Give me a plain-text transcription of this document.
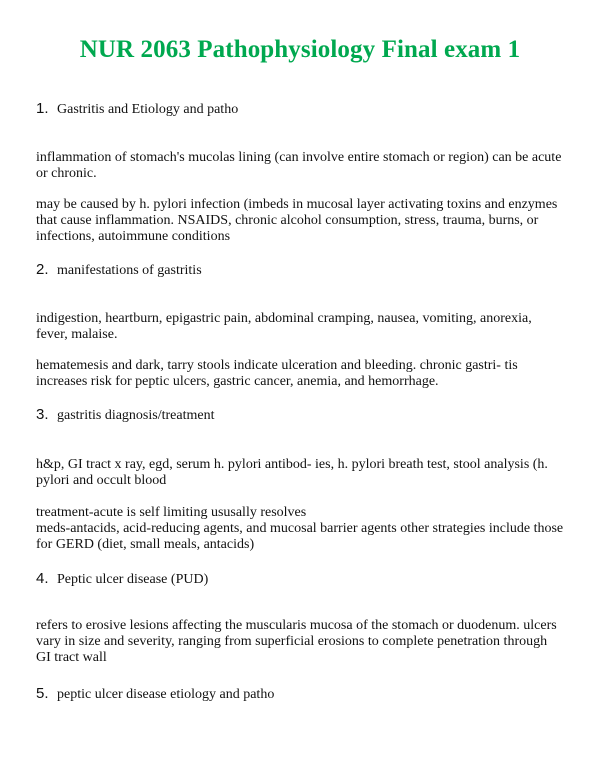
NUR 2063 Pathophysiology Final exam 1
1. Gastritis and Etiology and patho
inflammation of stomach's mucolas lining (can involve entire stomach or region) can be acute or chronic.
may be caused by h. pylori infection (imbeds in mucosal layer activating toxins and enzymes that cause inflammation. NSAIDS, chronic alcohol consumption, stress, trauma, burns, or infections, autoimmune conditions
2. manifestations of gastritis
indigestion, heartburn, epigastric pain, abdominal cramping, nausea, vomiting, anorexia, fever, malaise.
hematemesis and dark, tarry stools indicate ulceration and bleeding. chronic gastri- tis increases risk for peptic ulcers, gastric cancer, anemia, and hemorrhage.
3. gastritis diagnosis/treatment
h&p, GI tract x ray, egd, serum h. pylori antibod- ies, h. pylori breath test, stool analysis (h. pylori and occult blood
treatment-acute is self limiting ususally resolves
meds-antacids, acid-reducing agents, and mucosal barrier agents other strategies include those for GERD (diet, small meals, antacids)
4. Peptic ulcer disease (PUD)
refers to erosive lesions affecting the muscularis mucosa of the stomach or duodenum. ulcers vary in size and severity, ranging from superficial erosions to complete penetration through GI tract wall
5. peptic ulcer disease etiology and patho
